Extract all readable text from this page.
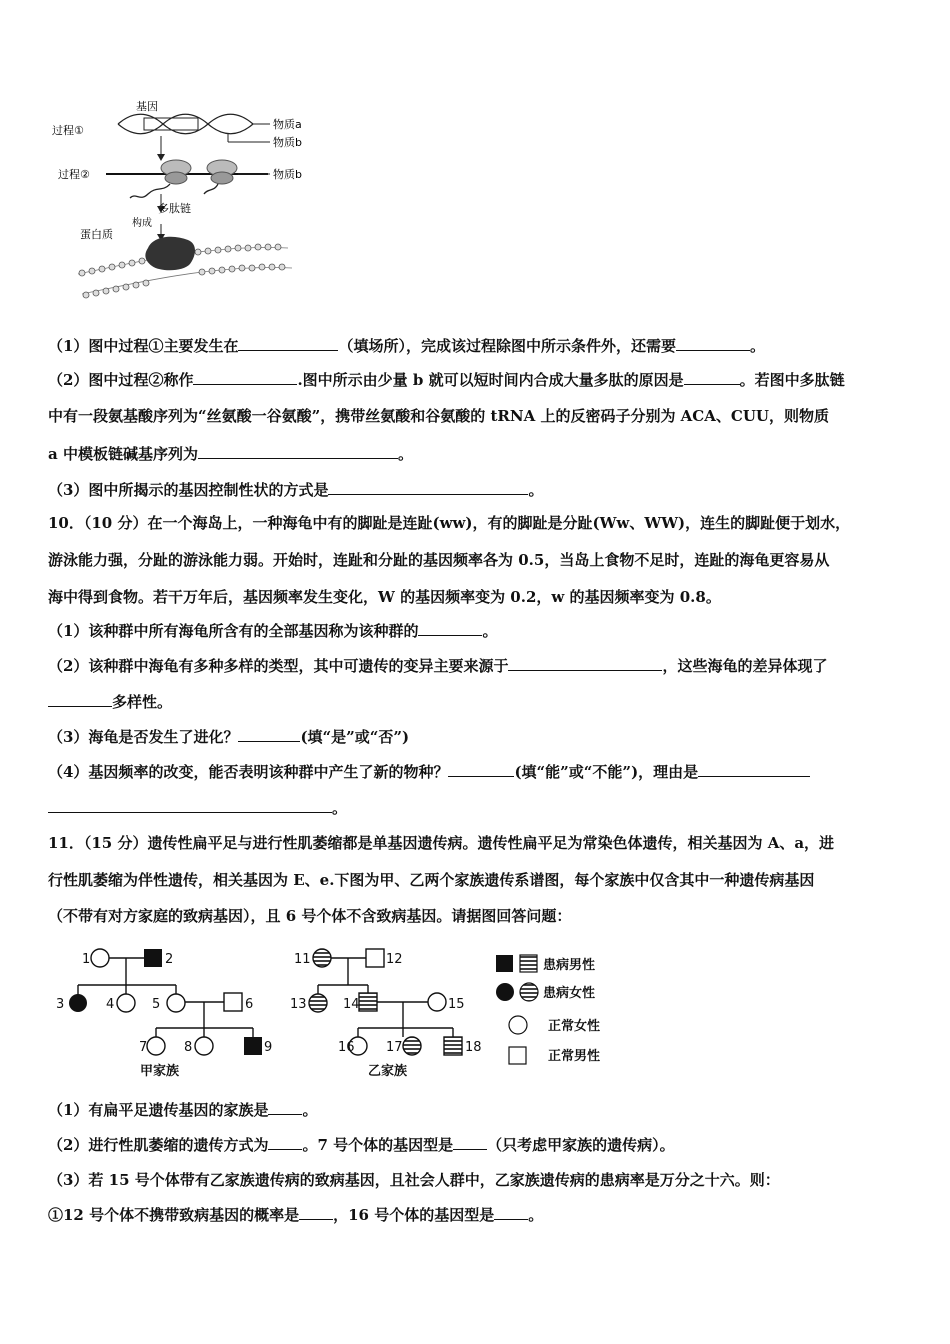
基因
过程①	物质a
物质b
过程②	物质b
多肽链
构成
蛋白质
（1）图中过程①主要发生在	（填场所），完成该过程除图中所示条件外，还需要	。
（2）图中过程②称作	.图中所示由少量 b 就可以短时间内合成大量多肽的原因是	。若图中多肽链
中有一段氨基酸序列为“丝氨酸一谷氨酸”，携带丝氨酸和谷氨酸的 tRNA 上的反密码子分别为 ACA、CUU，则物质
a 中模板链碱基序列为	。
（3）图中所揭示的基因控制性状的方式是	。
10．（10 分）在一个海岛上，一种海龟中有的脚趾是连趾(ww)，有的脚趾是分趾(Ww、WW)，连生的脚趾便于划水，
游泳能力强，分趾的游泳能力弱。开始时，连趾和分趾的基因频率各为 0.5，当岛上食物不足时，连趾的海龟更容易从
海中得到食物。若干万年后，基因频率发生变化，W 的基因频率变为 0.2，w 的基因频率变为 0.8。
（1）该种群中所有海龟所含有的全部基因称为该种群的	。
（2）该种群中海龟有多种多样的类型，其中可遗传的变异主要来源于	，这些海龟的差异体现了
多样性。
（3）海龟是否发生了进化？	(填“是”或“否”)
（4）基因频率的改变，能否表明该种群中产生了新的物种？	(填“能”或“不能”)，理由是
。
11．（15 分）遗传性扁平足与进行性肌萎缩都是单基因遗传病。遗传性扁平足为常染色体遗传，相关基因为 A、a，进
行性肌萎缩为伴性遗传，相关基因为 E、e.下图为甲、乙两个家族遗传系谱图，每个家族中仅含其中一种遗传病基因
（不带有对方家庭的致病基因），且 6 号个体不含致病基因。请据图回答问题：
患病男性
患病女性
正常女性
正常男性
甲家族	乙家族
1	2
3	4	5	6
7	8	9
11	12
13	14	15
16 17	18
（1）有扁平足遗传基因的家族是 。
（2）进行性肌萎缩的遗传方式为 。7 号个体的基因型是 （只考虑甲家族的遗传病）。
（3）若 15 号个体带有乙家族遗传病的致病基因，且社会人群中，乙家族遗传病的患病率是万分之十六。则：
①12 号个体不携带致病基因的概率是 ，16 号个体的基因型是 。
